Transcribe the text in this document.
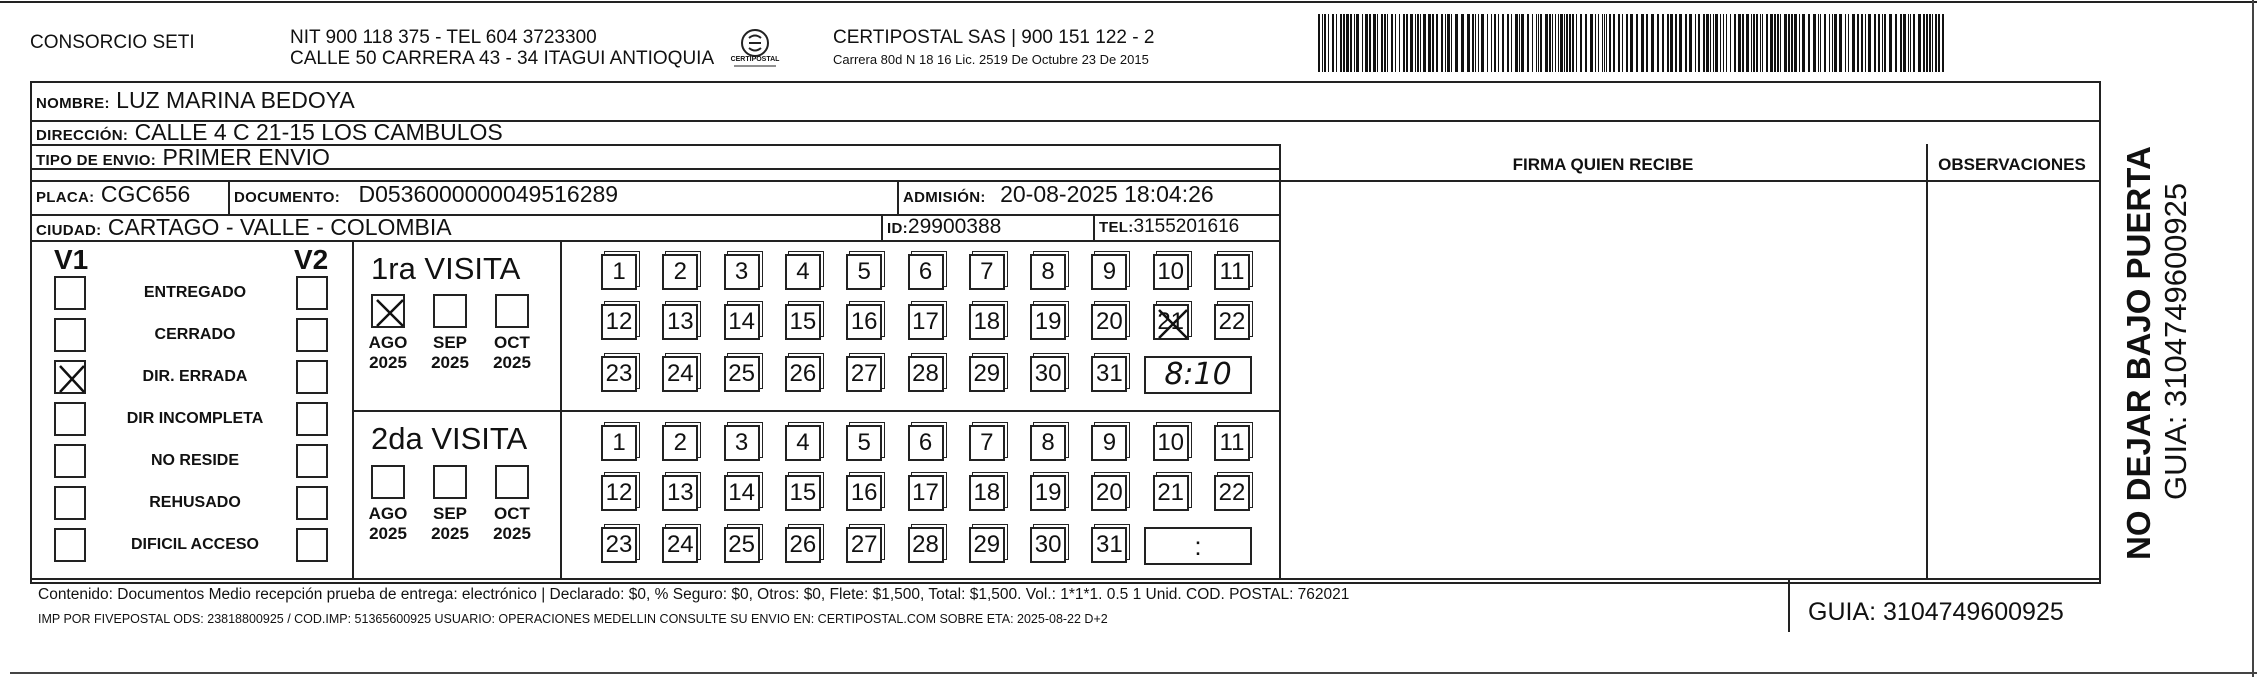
CONSORCIO SETI	NIT 900 118 375 - TEL 604 3723300
CALLE 50 CARRERA 43 - 34 ITAGUI ANTIOQUIA CERTIPOSTAL
CERTIPOSTAL SAS | 900 151 122 - 2
Carrera 80d N 18 16 Lic. 2519 De Octubre 23 De 2015
NOMBRE: LUZ MARINA BEDOYA
DIRECCIÓN: CALLE 4 C 21-15 LOS CAMBULOS
TIPO DE ENVIO: PRIMER ENVIO
PLACA: CGC656	DOCUMENTO: D0536000000049516289	ADMISIÓN: 20-08-2025 18:04:26
CIUDAD: CARTAGO - VALLE - COLOMBIA	ID:29900388	TEL:3155201616
FIRMA QUIEN RECIBE	OBSERVACIONES
V1	V2
ENTREGADO
CERRADO
DIR. ERRADA
DIR INCOMPLETA
NO RESIDE
REHUSADO
DIFICIL ACCESO
1ra VISITA
AGO
2025
SEP
2025
OCT
2025
1	2	3	4	5	6	7	8	9	10 11
12 13 14 15 16 17 18 19 20 21 22
23 24 25 26 27 28 29 30 31	8:10
2da VISITA
AGO
2025
SEP
2025
OCT
2025
1	2	3	4	5	6	7	8	9	10 11
12 13 14 15 16 17 18 19 20 21 22
23 24 25 26 27 28 29 30 31	:
Contenido: Documentos Medio recepción prueba de entrega: electrónico | Declarado: $0, % Seguro: $0, Otros: $0, Flete: $1,500, Total: $1,500. Vol.: 1*1*1. 0.5 1 Unid. COD. POSTAL: 762021
IMP POR FIVEPOSTAL ODS: 23818800925 / COD.IMP: 51365600925 USUARIO: OPERACIONES MEDELLIN CONSULTE SU ENVIO EN: CERTIPOSTAL.COM SOBRE ETA: 2025-08-22 D+2	GUIA: 3104749600925
NO DEJAR BAJO PUERTA GUIA: 3104749600925
